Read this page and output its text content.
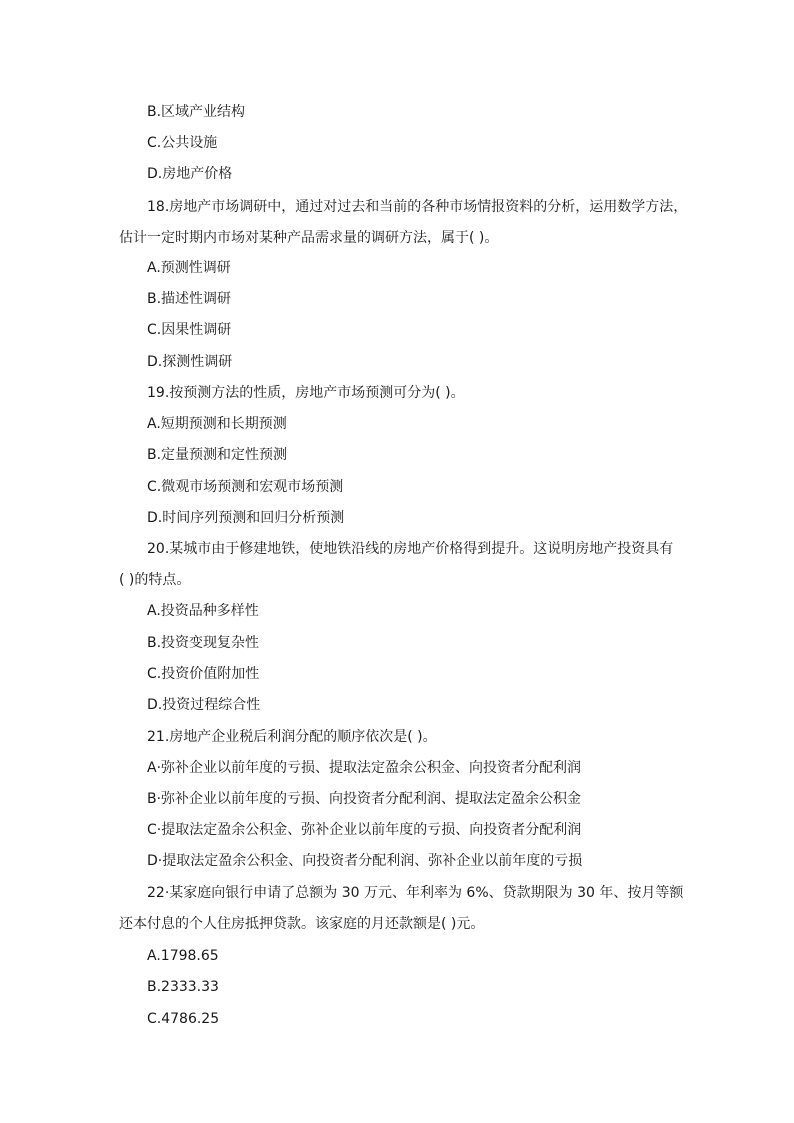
B.区域产业结构
C.公共设施
D.房地产价格
18.房地产市场调研中，通过对过去和当前的各种市场情报资料的分析，运用数学方法，
估计一定时期内市场对某种产品需求量的调研方法，属于( )。
A.预测性调研
B.描述性调研
C.因果性调研
D.探测性调研
19.按预测方法的性质，房地产市场预测可分为( )。
A.短期预测和长期预测
B.定量预测和定性预测
C.微观市场预测和宏观市场预测
D.时间序列预测和回归分析预测
20.某城市由于修建地铁，使地铁沿线的房地产价格得到提升。这说明房地产投资具有
( )的特点。
A.投资品种多样性
B.投资变现复杂性
C.投资价值附加性
D.投资过程综合性
21.房地产企业税后利润分配的顺序依次是( )。
A·弥补企业以前年度的亏损、提取法定盈余公积金、向投资者分配利润
B·弥补企业以前年度的亏损、向投资者分配利润、提取法定盈余公积金
C·提取法定盈余公积金、弥补企业以前年度的亏损、向投资者分配利润
D·提取法定盈余公积金、向投资者分配利润、弥补企业以前年度的亏损
22·某家庭向银行申请了总额为 30 万元、年利率为 6%、贷款期限为 30 年、按月等额
还本付息的个人住房抵押贷款。该家庭的月还款额是( )元。
A.1798.65
B.2333.33
C.4786.25
